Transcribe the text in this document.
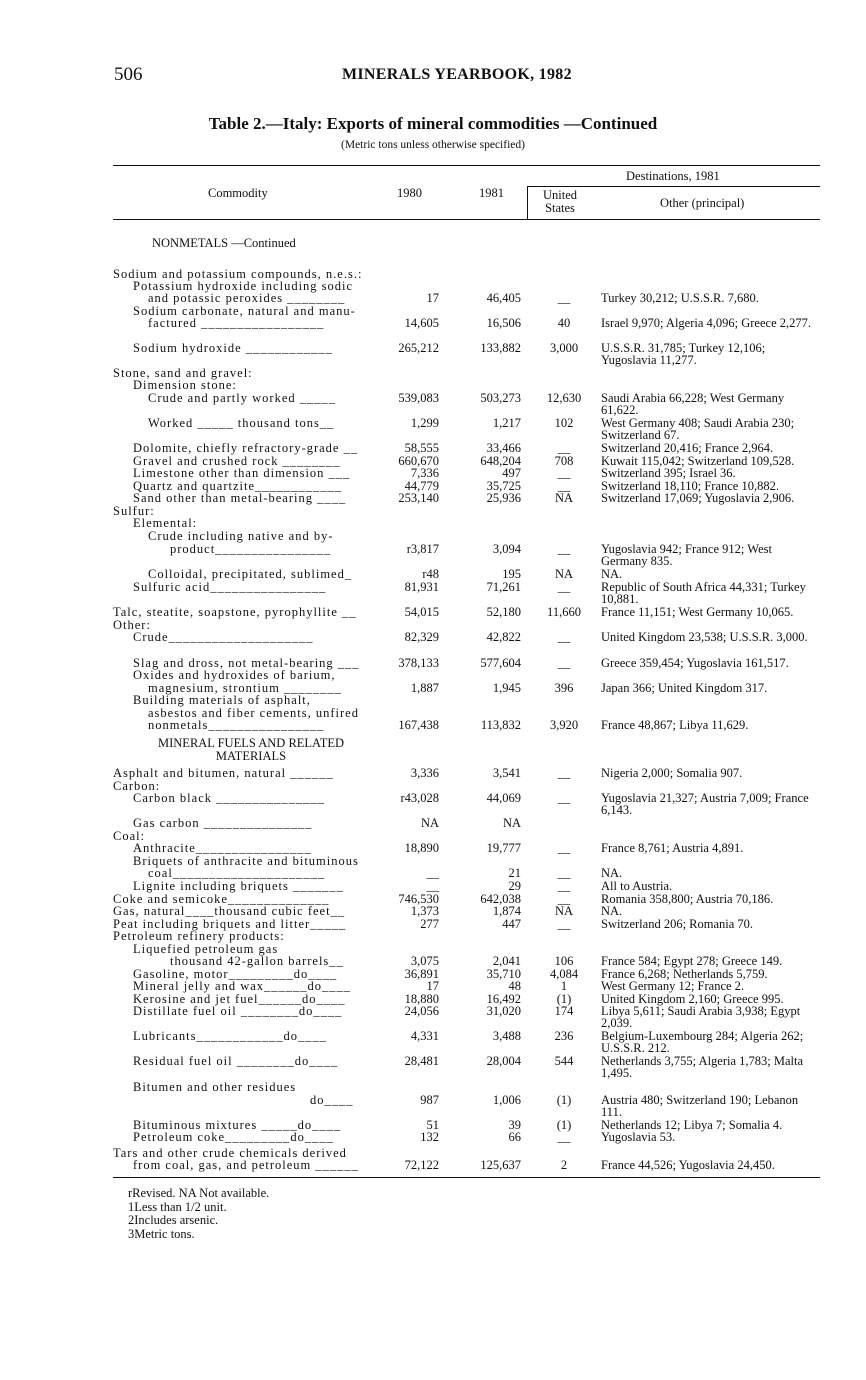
506	MINERALS YEARBOOK, 1982
Table 2.—Italy: Exports of mineral commodities —Continued
(Metric tons unless otherwise specified)
Commodity	1980	1981
Destinations, 1981
United States	Other (principal)
NONMETALS —Continued
MINERAL FUELS AND RELATED
MATERIALS
Sodium and potassium compounds, n.e.s.:
Potassium hydroxide including sodic
and potassic peroxides ________	17	46,405	__	Turkey 30,212; U.S.S.R. 7,680.
Sodium carbonate, natural and manu-
factured _________________	14,605	16,506	40	Israel 9,970; Algeria 4,096; Greece 2,277.
Sodium hydroxide ____________	265,212	133,882	3,000	U.S.S.R. 31,785; Turkey 12,106; Yugoslavia 11,277.
Stone, sand and gravel:
Dimension stone:
Crude and partly worked _____	539,083	503,273	12,630	Saudi Arabia 66,228; West Germany 61,622.
Worked _____ thousand tons__	1,299	1,217	102	West Germany 408; Saudi Arabia 230; Switzerland 67.
Dolomite, chiefly refractory-grade __	58,555	33,466	__	Switzerland 20,416; France 2,964.
Gravel and crushed rock ________	660,670	648,204	708	Kuwait 115,042; Switzerland 109,528.
Limestone other than dimension ___	7,336	497	__	Switzerland 395; Israel 36.
Quartz and quartzite____________	44,779	35,725	__	Switzerland 18,110; France 10,882.
Sand other than metal-bearing ____	253,140	25,936	NA	Switzerland 17,069; Yugoslavia 2,906.
Sulfur:
Elemental:
Crude including native and by-
product________________	r3,817	3,094	__	Yugoslavia 942; France 912; West Germany 835.
Colloidal, precipitated, sublimed_	r48	195	NA	NA.
Sulfuric acid________________	81,931	71,261	__	Republic of South Africa 44,331; Turkey 10,881.
Talc, steatite, soapstone, pyrophyllite __	54,015	52,180	11,660	France 11,151; West Germany 10,065.
Other:
Crude____________________	82,329	42,822	__	United Kingdom 23,538; U.S.S.R. 3,000.
Slag and dross, not metal-bearing ___	378,133	577,604	__	Greece 359,454; Yugoslavia 161,517.
Oxides and hydroxides of barium,
magnesium, strontium ________	1,887	1,945	396	Japan 366; United Kingdom 317.
Building materials of asphalt,
asbestos and fiber cements, unfired
nonmetals________________	167,438	113,832	3,920	France 48,867; Libya 11,629.
Asphalt and bitumen, natural ______	3,336	3,541	__	Nigeria 2,000; Somalia 907.
Carbon:
Carbon black _______________	r43,028	44,069	__	Yugoslavia 21,327; Austria 7,009; France 6,143.
Gas carbon _______________	NA	NA
Coal:
Anthracite________________	18,890	19,777	__	France 8,761; Austria 4,891.
Briquets of anthracite and bituminous
coal_____________________	__	21	__	NA.
Lignite including briquets _______	__	29	__	All to Austria.
Coke and semicoke______________	746,530	642,038	__	Romania 358,800; Austria 70,186.
Gas, natural____thousand cubic feet__	1,373	1,874	NA	NA.
Peat including briquets and litter_____	277	447	__	Switzerland 206; Romania 70.
Petroleum refinery products:
Liquefied petroleum gas
thousand 42-gallon barrels__	3,075	2,041	106	France 584; Egypt 278; Greece 149.
Gasoline, motor_________do____	36,891	35,710	4,084	France 6,268; Netherlands 5,759.
Mineral jelly and wax______do____	17	48	1	West Germany 12; France 2.
Kerosine and jet fuel______do____	18,880	16,492	(1)	United Kingdom 2,160; Greece 995.
Distillate fuel oil ________do____	24,056	31,020	174	Libya 5,611; Saudi Arabia 3,938; Egypt 2,039.
Lubricants____________do____	4,331	3,488	236	Belgium-Luxembourg 284; Algeria 262; U.S.S.R. 212.
Residual fuel oil ________do____	28,481	28,004	544	Netherlands 3,755; Algeria 1,783; Malta 1,495.
Bitumen and other residues
do____	987	1,006	(1)	Austria 480; Switzerland 190; Lebanon 111.
Bituminous mixtures _____do____	51	39	(1)	Netherlands 12; Libya 7; Somalia 4.
Petroleum coke_________do____	132	66	__	Yugoslavia 53.
Tars and other crude chemicals derived
from coal, gas, and petroleum ______	72,122	125,637	2	France 44,526; Yugoslavia 24,450.
rRevised. NA Not available.
1Less than 1/2 unit.
2Includes arsenic.
3Metric tons.
